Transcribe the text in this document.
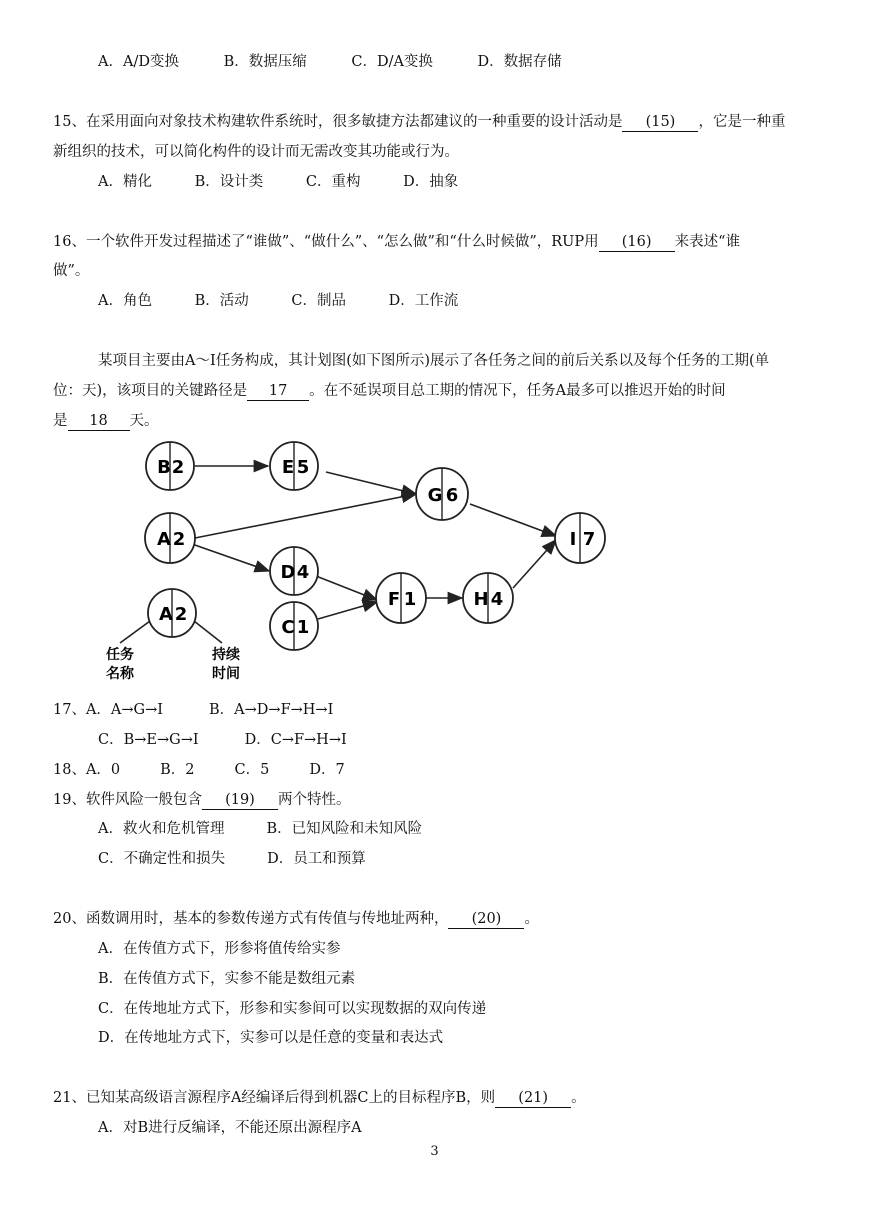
A．A/D变换	B．数据压缩	C．D/A变换	D．数据存储
15、在采用面向对象技术构建软件系统时，很多敏捷方法都建议的一种重要的设计活动是 (15) ，它是一种重
新组织的技术，可以简化构件的设计而无需改变其功能或行为。
A．精化	B．设计类	C．重构	D．抽象
16、一个软件开发过程描述了“谁做”、“做什么”、“怎么做”和“什么时候做”，RUP用 (16) 来表述“谁
做”。
A．角色	B．活动	C．制品	D．工作流
某项目主要由A～I任务构成，其计划图(如下图所示)展示了各任务之间的前后关系以及每个任务的工期(单
位：天)，该项目的关键路径是 17 。在不延误项目总工期的情况下，任务A最多可以推迟开始的时间
是 18 天。
B 2	E 5
G 6
A 2	I 7
D 4
F 1	H 4
C 1
A 2
任务
名称
持续
时间
17、A．A→G→I	B．A→D→F→H→I
C．B→E→G→I	D．C→F→H→I
18、A．0	B．2	C．5	D．7
19、软件风险一般包含 (19) 两个特性。
A．救火和危机管理	B．已知风险和未知风险
C．不确定性和损失	D．员工和预算
20、函数调用时，基本的参数传递方式有传值与传地址两种， (20) 。
A．在传值方式下，形参将值传给实参
B．在传值方式下，实参不能是数组元素
C．在传地址方式下，形参和实参间可以实现数据的双向传递
D．在传地址方式下，实参可以是任意的变量和表达式
21、已知某高级语言源程序A经编译后得到机器C上的目标程序B，则 (21) 。
A．对B进行反编译，不能还原出源程序A
3
